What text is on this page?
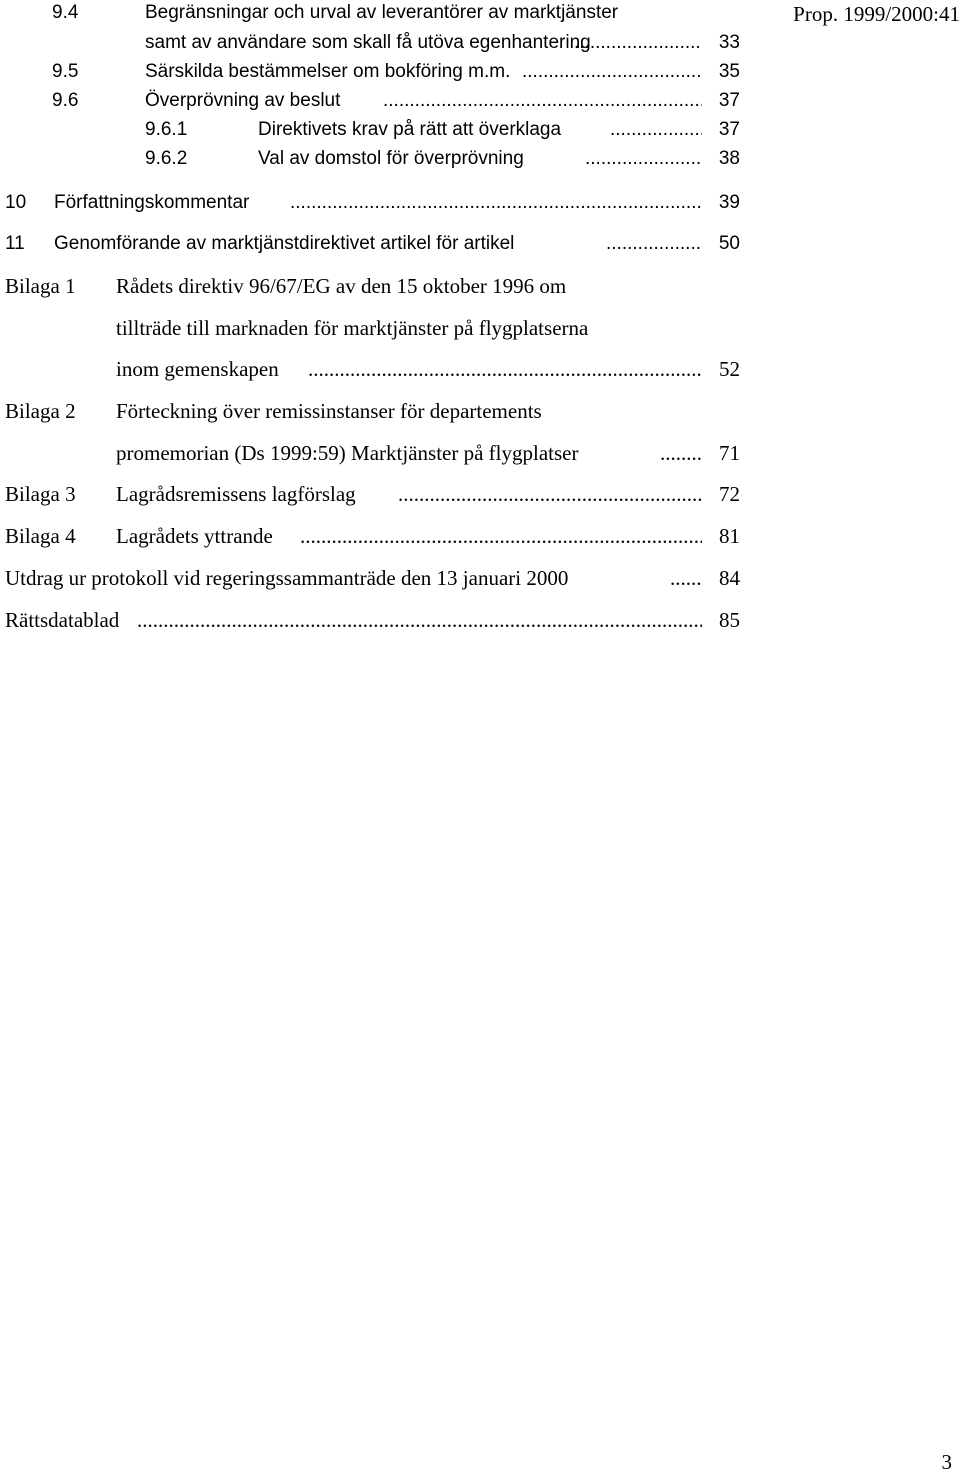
Prop. 1999/2000:41
9.4	Begränsningar och urval av leverantörer av marktjänster
samt av användare som skall få utöva egenhantering .....	33
9.5	Särskilda bestämmelser om bokföring m.m. .....	35
9.6	Överprövning av beslut .....	37
9.6.1	Direktivets krav på rätt att överklaga .....	37
9.6.2	Val av domstol för överprövning .....	38
10 Författningskommentar .....	39
11 Genomförande av marktjänstdirektivet artikel för artikel .....	50
Bilaga 1 Rådets direktiv 96/67/EG av den 15 oktober 1996 om
tillträde till marknaden för marktjänster på flygplatserna
inom gemenskapen .....	52
Bilaga 2 Förteckning över remissinstanser för departements
promemorian (Ds 1999:59) Marktjänster på flygplatser .....	71
Bilaga 3 Lagrådsremissens lagförslag .....	72
Bilaga 4 Lagrådets yttrande .....	81
Utdrag ur protokoll vid regeringssammanträde den 13 januari 2000 .....	84
Rättsdatablad .....	85
3
